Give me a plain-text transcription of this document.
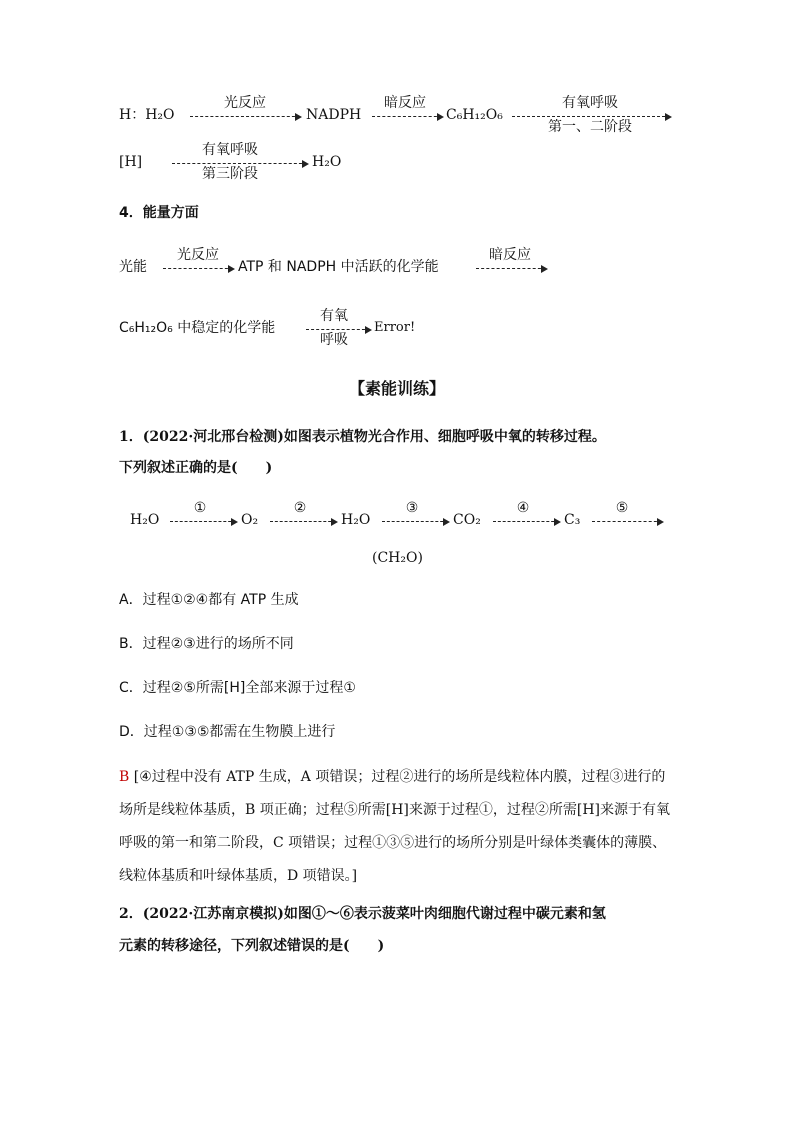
H：H₂O
光反应
NADPH
暗反应
C₆H₁₂O₆
有氧呼吸
第一、二阶段
[H]
有氧呼吸
第三阶段
H₂O
4．能量方面
光能
光反应
ATP 和 NADPH 中活跃的化学能
暗反应
C₆H₁₂O₆ 中稳定的化学能
有氧
呼吸
Error!
【素能训练】
1．(2022·河北邢台检测)如图表示植物光合作用、细胞呼吸中氧的转移过程。
下列叙述正确的是(　　)
H₂O
①
O₂
②
H₂O
③
CO₂
④
C₃
⑤
(CH₂O)
A．过程①②④都有 ATP 生成
B．过程②③进行的场所不同
C．过程②⑤所需[H]全部来源于过程①
D．过程①③⑤都需在生物膜上进行
B [④过程中没有 ATP 生成，A 项错误；过程②进行的场所是线粒体内膜，过程③进行的场所是线粒体基质，B 项正确；过程⑤所需[H]来源于过程①，过程②所需[H]来源于有氧呼吸的第一和第二阶段，C 项错误；过程①③⑤进行的场所分别是叶绿体类囊体的薄膜、线粒体基质和叶绿体基质，D 项错误。]
2．(2022·江苏南京模拟)如图①～⑥表示菠菜叶肉细胞代谢过程中碳元素和氢
元素的转移途径，下列叙述错误的是(　　)
